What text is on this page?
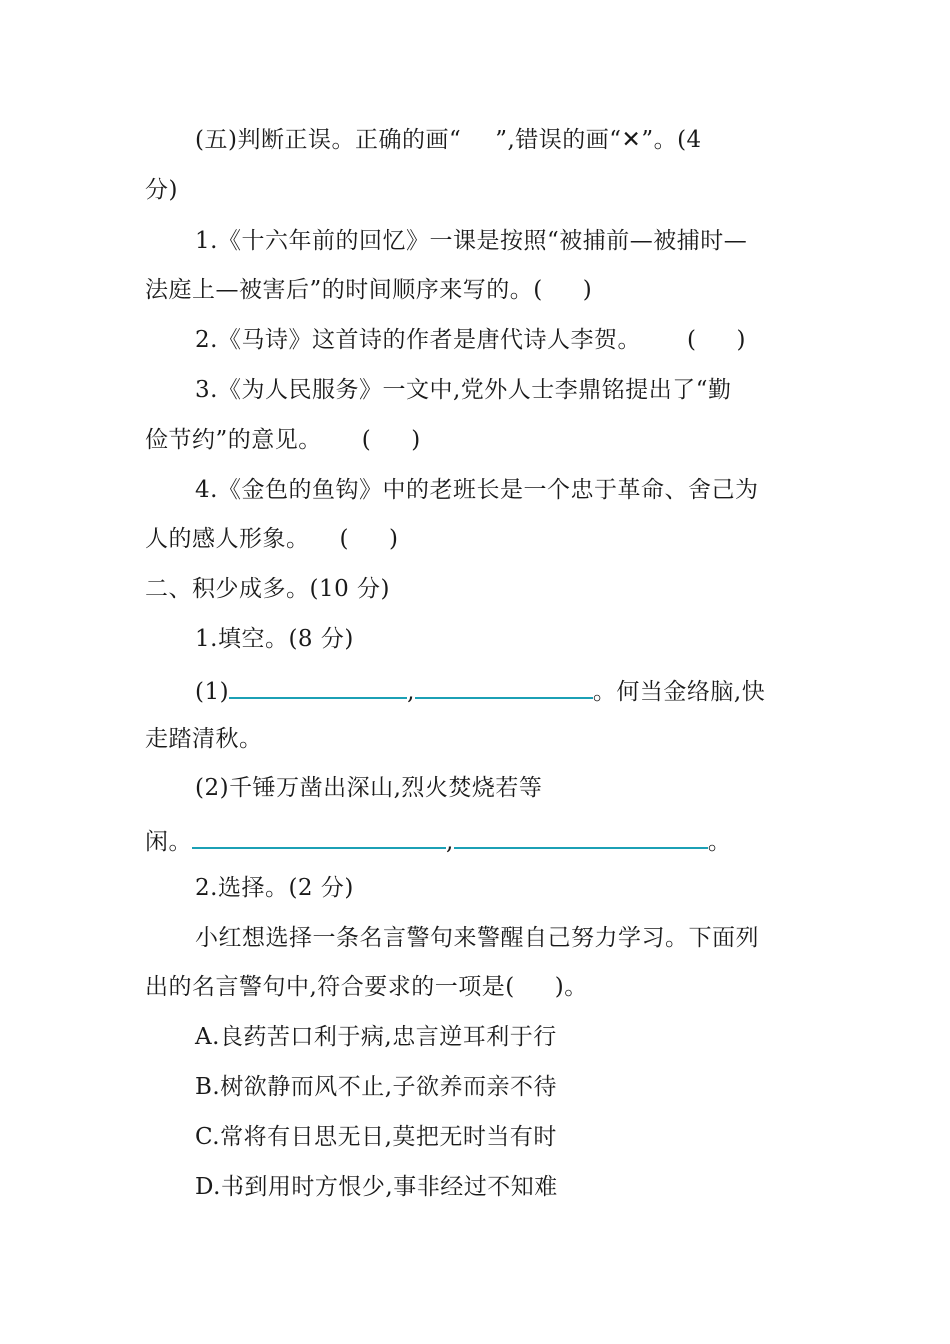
(五)判断正误。正确的画“ ”,错误的画“✕”。(4
分)
1.《十六年前的回忆》一课是按照“被捕前—被捕时—
法庭上—被害后”的时间顺序来写的。( )
2.《马诗》这首诗的作者是唐代诗人李贺。 ( )
3.《为人民服务》一文中,党外人士李鼎铭提出了“勤
俭节约”的意见。 ( )
4.《金色的鱼钩》中的老班长是一个忠于革命、舍己为
人的感人形象。 ( )
二、积少成多。(10 分)
1.填空。(8 分)
(1)	,	。何当金络脑,快
走踏清秋。
(2)千锤万凿出深山,烈火焚烧若等
闲。	,	。
2.选择。(2 分)
小红想选择一条名言警句来警醒自己努力学习。下面列
出的名言警句中,符合要求的一项是( )。
A.良药苦口利于病,忠言逆耳利于行
B.树欲静而风不止,子欲养而亲不待
C.常将有日思无日,莫把无时当有时
D.书到用时方恨少,事非经过不知难
